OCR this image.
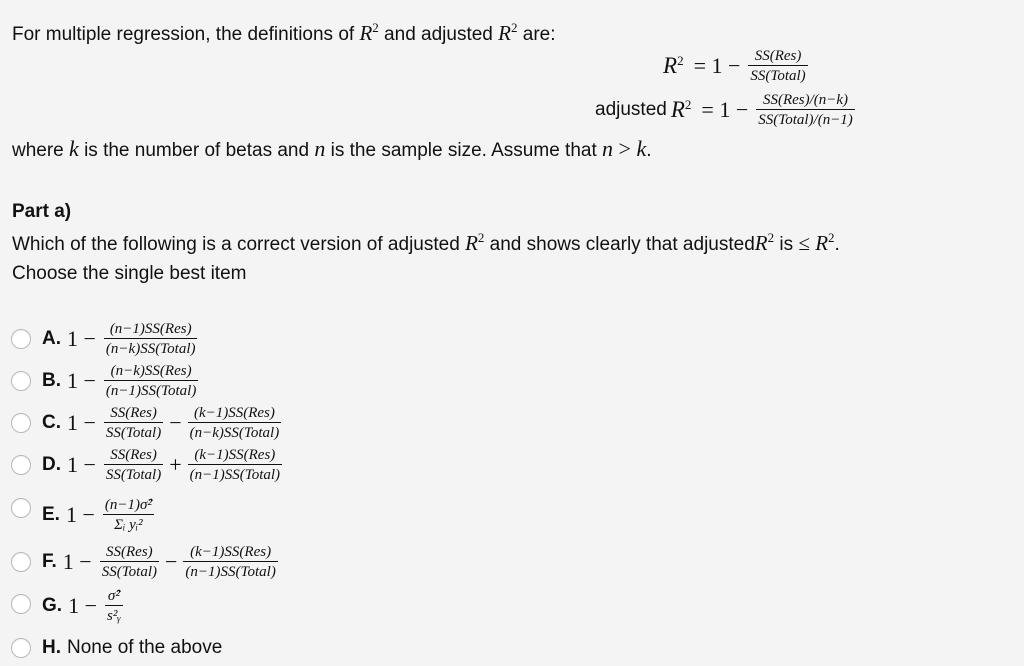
For multiple regression, the definitions of $R^2$ and adjusted $R^2$ are:
$R^2 = 1 - \frac{\text{SS(Res)}}{\text{SS(Total)}}$
adjusted $R^2 = 1 - \frac{\text{SS(Res)/(n−k)}}{\text{SS(Total)/(n−1)}}$
where k is the number of betas and n is the sample size. Assume that n > k.
Part a)
Which of the following is a correct version of adjusted $R^2$ and shows clearly that adjustedR$^2$ is ≤ $R^2$.
Choose the single best item
A. $1 - \frac{\text{(n−1)SS(Res)}}{\text{(n−k)SS(Total)}}$
B. $1 - \frac{\text{(n−k)SS(Res)}}{\text{(n−1)SS(Total)}}$
C. $1 - \frac{\text{SS(Res)}}{\text{SS(Total)}} - \frac{\text{(k−1)SS(Res)}}{\text{(n−k)SS(Total)}}$
D. $1 - \frac{\text{SS(Res)}}{\text{SS(Total)}} + \frac{\text{(k−1)SS(Res)}}{\text{(n−1)SS(Total)}}$
E. $1 - \frac{\text{(n−1)σ̂²}}{\text{Σᵢ yᵢ²}}$
F. $1 - \frac{\text{SS(Res)}}{\text{SS(Total)}} - \frac{\text{(k−1)SS(Res)}}{\text{(n−1)SS(Total)}}$
G. $1 - \frac{\text{σ̂²}}{\text{s²ᵧ}}$
H. None of the above
